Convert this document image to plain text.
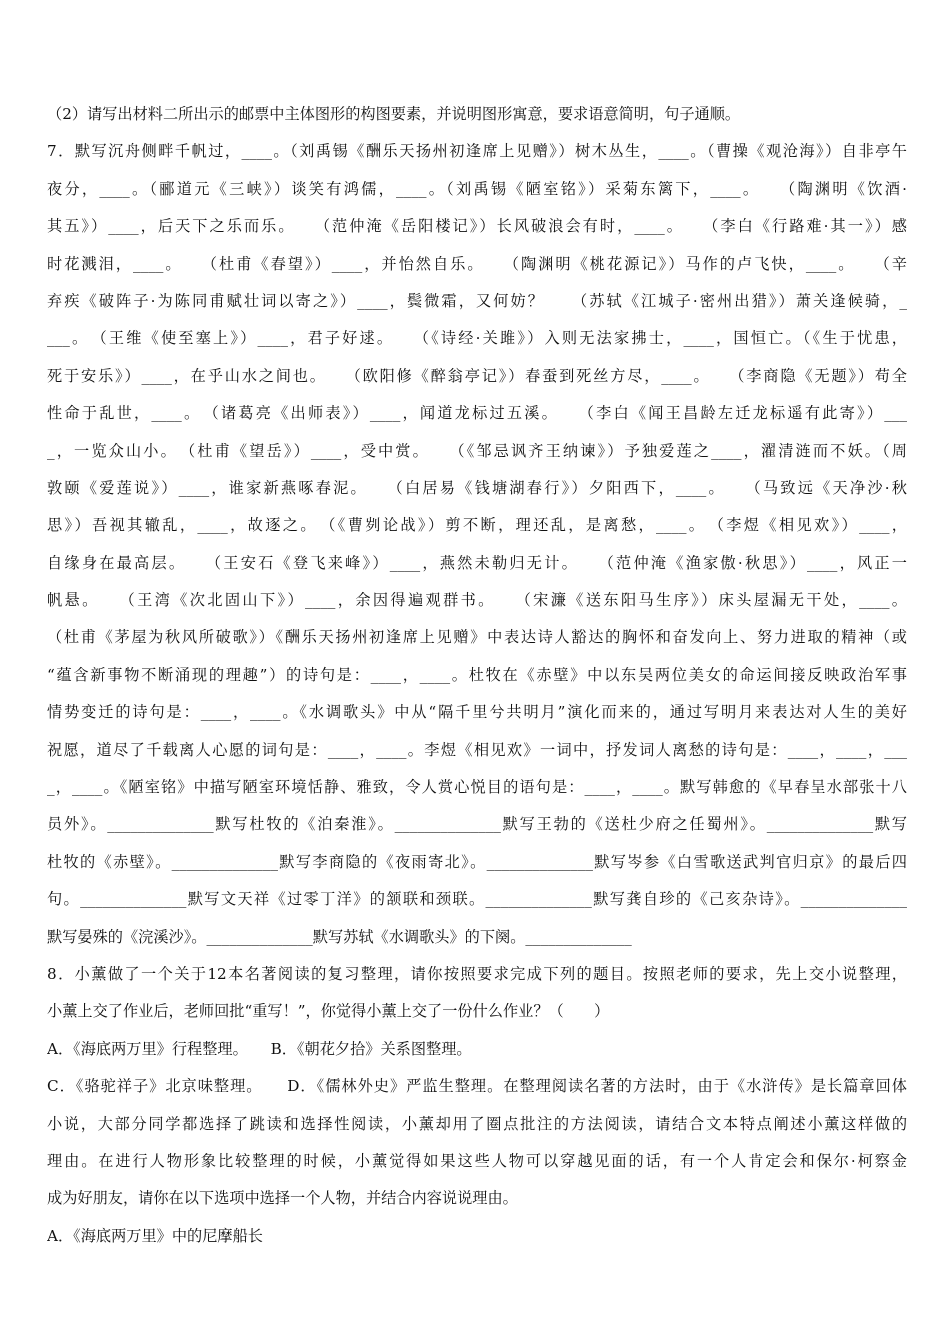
（2）请写出材料二所出示的邮票中主体图形的构图要素，并说明图形寓意，要求语意简明，句子通顺。
7．默写沉舟侧畔千帆过，____。（刘禹锡《酬乐天扬州初逢席上见赠》）树木丛生，____。（曹操《观沧海》）自非亭午
夜分，____。（郦道元《三峡》）谈笑有鸿儒，____。（刘禹锡《陋室铭》）采菊东篱下，____。　　（陶渊明《饮酒·
其五》）____，后天下之乐而乐。　　（范仲淹《岳阳楼记》）长风破浪会有时，____。　　（李白《行路难·其一》）感
时花溅泪，____。　　（杜甫《春望》）____，并怡然自乐。　　（陶渊明《桃花源记》）马作的卢飞快，____。　　（辛
弃疾《破阵子·为陈同甫赋壮词以寄之》）____，鬓微霜，又何妨？　　（苏轼《江城子·密州出猎》）萧关逢候骑，_
___。　（王维《使至塞上》）____，君子好逑。　　（《诗经·关雎》）入则无法家拂士，____，国恒亡。（《生于忧患，
死于安乐》）____，在乎山水之间也。　　（欧阳修《醉翁亭记》）春蚕到死丝方尽，____。　　（李商隐《无题》）苟全
性命于乱世，____。　（诸葛亮《出师表》）____，闻道龙标过五溪。　　（李白《闻王昌龄左迁龙标遥有此寄》）___
_，一览众山小。　（杜甫《望岳》）____，受中赏。　　（《邹忌讽齐王纳谏》）予独爱莲之____，濯清涟而不妖。（周
敦颐《爱莲说》）____，谁家新燕啄春泥。　　（白居易《钱塘湖春行》）夕阳西下，____。　　（马致远《天净沙·秋
思》）吾视其辙乱，____，故逐之。　（《曹刿论战》）剪不断，理还乱，是离愁，____。　（李煜《相见欢》）____，
自缘身在最高层。　　（王安石《登飞来峰》）____，燕然未勒归无计。　　（范仲淹《渔家傲·秋思》）____，风正一
帆悬。　　（王湾《次北固山下》）____，余因得遍观群书。　　（宋濂《送东阳马生序》）床头屋漏无干处，____。
（杜甫《茅屋为秋风所破歌》）《酬乐天扬州初逢席上见赠》中表达诗人豁达的胸怀和奋发向上、努力进取的精神（或
“蕴含新事物不断涌现的理趣”）的诗句是：____，____。杜牧在《赤壁》中以东吴两位美女的命运间接反映政治军事
情势变迁的诗句是：____，____。《水调歌头》中从“隔千里兮共明月”演化而来的，通过写明月来表达对人生的美好
祝愿，道尽了千载离人心愿的词句是：____，____。李煜《相见欢》一词中，抒发词人离愁的诗句是：____，____，___
_，____。《陋室铭》中描写陋室环境恬静、雅致，令人赏心悦目的语句是：____，____。默写韩愈的《早春呈水部张十八
员外》。______________默写杜牧的《泊秦淮》。______________默写王勃的《送杜少府之任蜀州》。______________默写
杜牧的《赤壁》。______________默写李商隐的《夜雨寄北》。______________默写岑参《白雪歌送武判官归京》的最后四
句。______________默写文天祥《过零丁洋》的颔联和颈联。______________默写龚自珍的《己亥杂诗》。______________
默写晏殊的《浣溪沙》。______________默写苏轼《水调歌头》的下阕。______________
8．小薰做了一个关于12本名著阅读的复习整理，请你按照要求完成下列的题目。按照老师的要求，先上交小说整理，
小薰上交了作业后，老师回批“重写！”，你觉得小薰上交了一份什么作业？（　　）
A．《海底两万里》行程整理。　　B．《朝花夕拾》关系图整理。
C．《骆驼祥子》北京味整理。　　D．《儒林外史》严监生整理。在整理阅读名著的方法时，由于《水浒传》是长篇章回体
小说，大部分同学都选择了跳读和选择性阅读，小薰却用了圈点批注的方法阅读，请结合文本特点阐述小薰这样做的
理由。在进行人物形象比较整理的时候，小薰觉得如果这些人物可以穿越见面的话，有一个人肯定会和保尔·柯察金
成为好朋友，请你在以下选项中选择一个人物，并结合内容说说理由。
A．《海底两万里》中的尼摩船长
